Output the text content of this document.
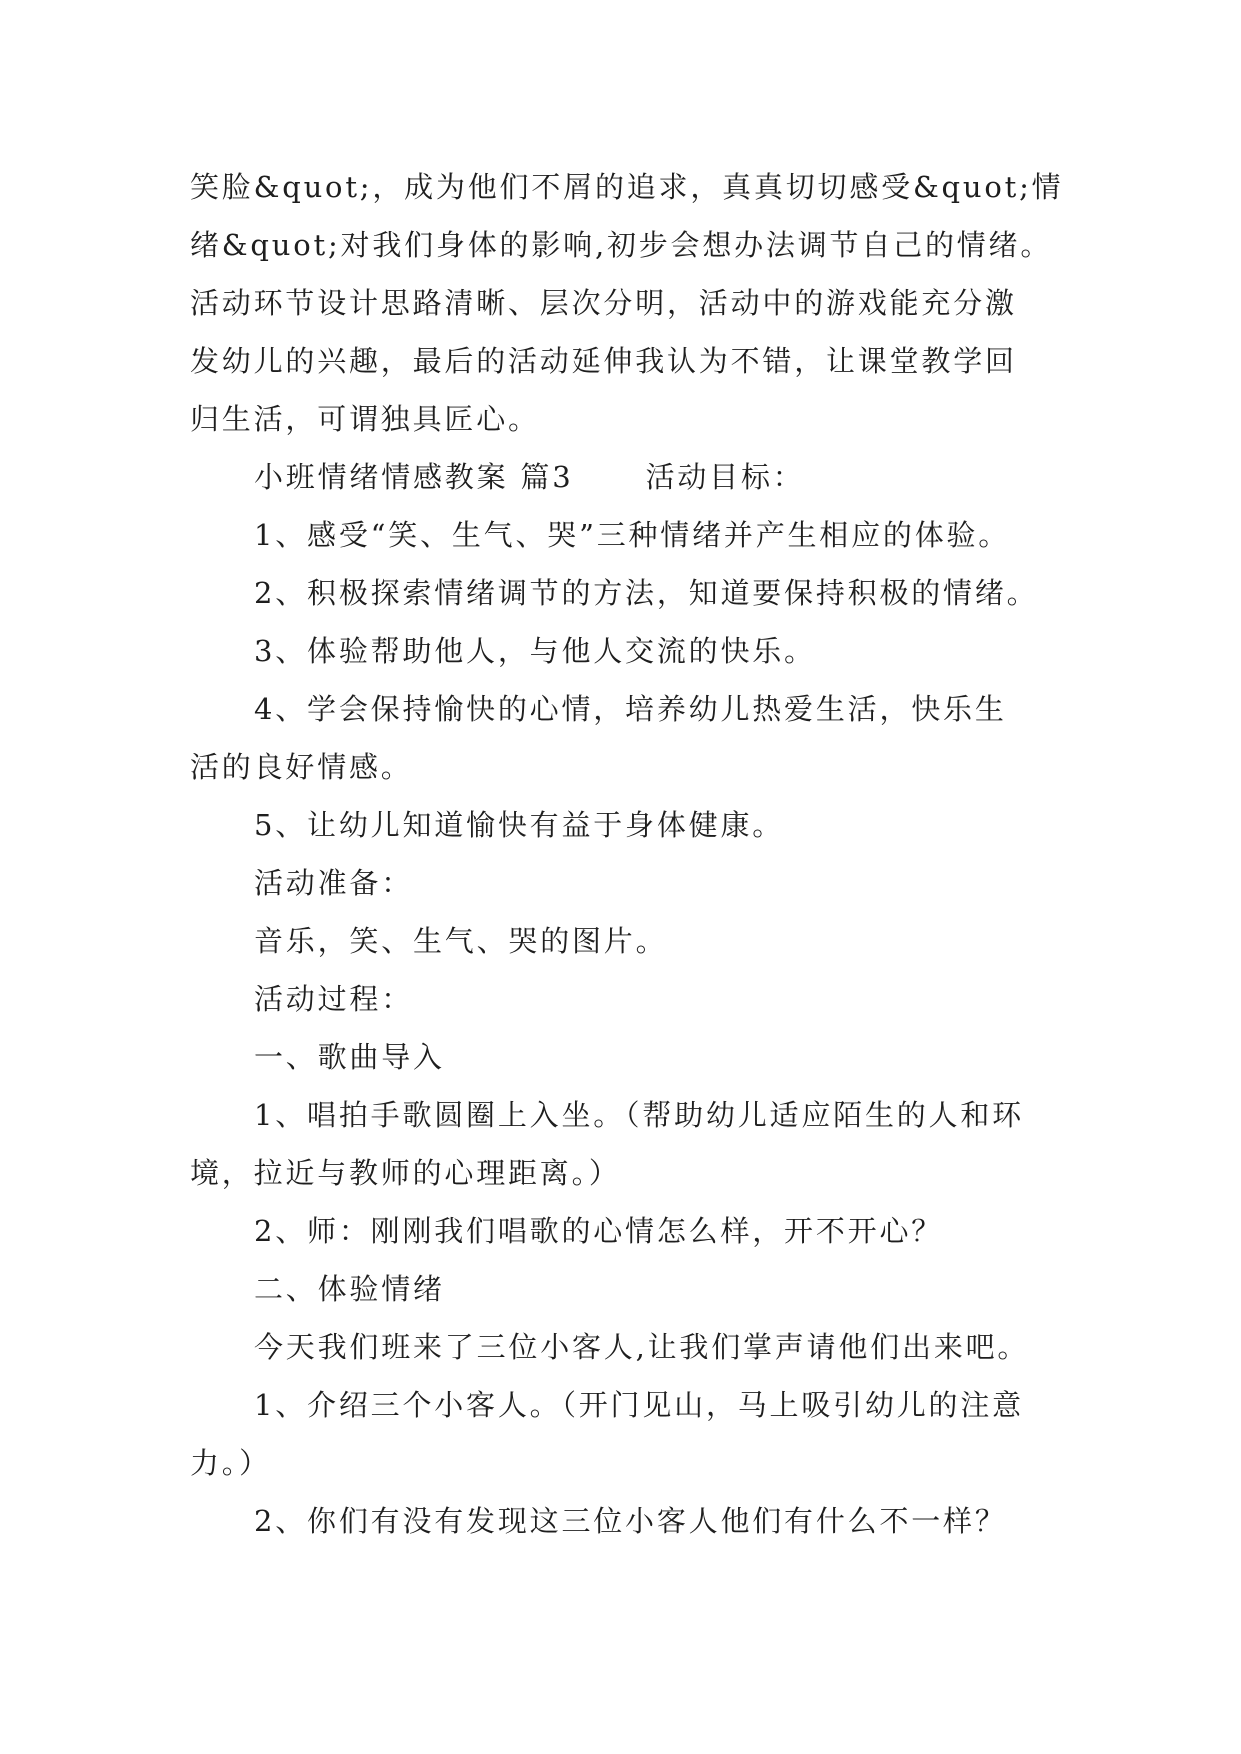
笑脸&quot;，成为他们不屑的追求，真真切切感受&quot;情

绪&quot;对我们身体的影响,初步会想办法调节自己的情绪。

活动环节设计思路清晰、层次分明，活动中的游戏能充分激

发幼儿的兴趣，最后的活动延伸我认为不错，让课堂教学回

归生活，可谓独具匠心。

小班情绪情感教案 篇3      活动目标：

1、感受“笑、生气、哭”三种情绪并产生相应的体验。

2、积极探索情绪调节的方法，知道要保持积极的情绪。

3、体验帮助他人，与他人交流的快乐。

4、学会保持愉快的心情，培养幼儿热爱生活，快乐生

活的良好情感。

5、让幼儿知道愉快有益于身体健康。

活动准备：

音乐，笑、生气、哭的图片。

活动过程：

一、歌曲导入

1、唱拍手歌圆圈上入坐。（帮助幼儿适应陌生的人和环

境，拉近与教师的心理距离。）

2、师：刚刚我们唱歌的心情怎么样，开不开心？

二、体验情绪

今天我们班来了三位小客人,让我们掌声请他们出来吧。

1、介绍三个小客人。（开门见山，马上吸引幼儿的注意

力。）

2、你们有没有发现这三位小客人他们有什么不一样？
